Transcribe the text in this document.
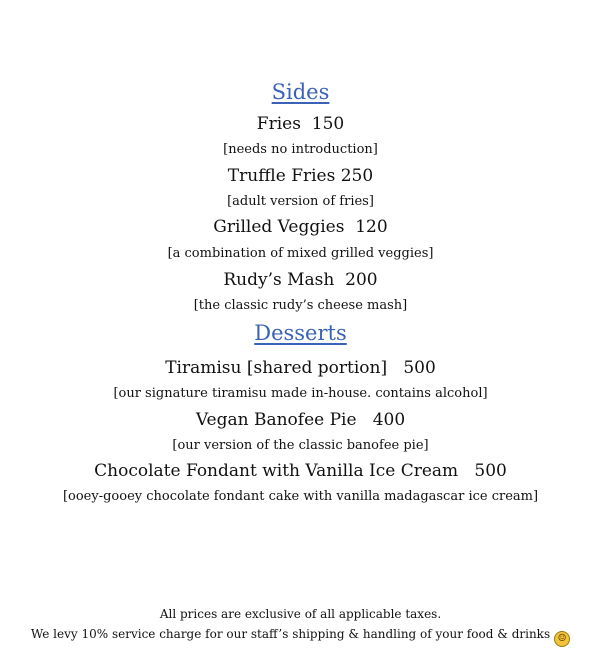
Sides
Fries  150
[needs no introduction]
Truffle Fries 250
[adult version of fries]
Grilled Veggies  120
[a combination of mixed grilled veggies]
Rudy’s Mash  200
[the classic rudy’s cheese mash]
Desserts
Tiramisu [shared portion]   500
[our signature tiramisu made in-house. contains alcohol]
Vegan Banofee Pie   400
[our version of the classic banofee pie]
Chocolate Fondant with Vanilla Ice Cream   500
[ooey-gooey chocolate fondant cake with vanilla madagascar ice cream]
All prices are exclusive of all applicable taxes.
We levy 10% service charge for our staff’s shipping & handling of your food & drinks ☺
